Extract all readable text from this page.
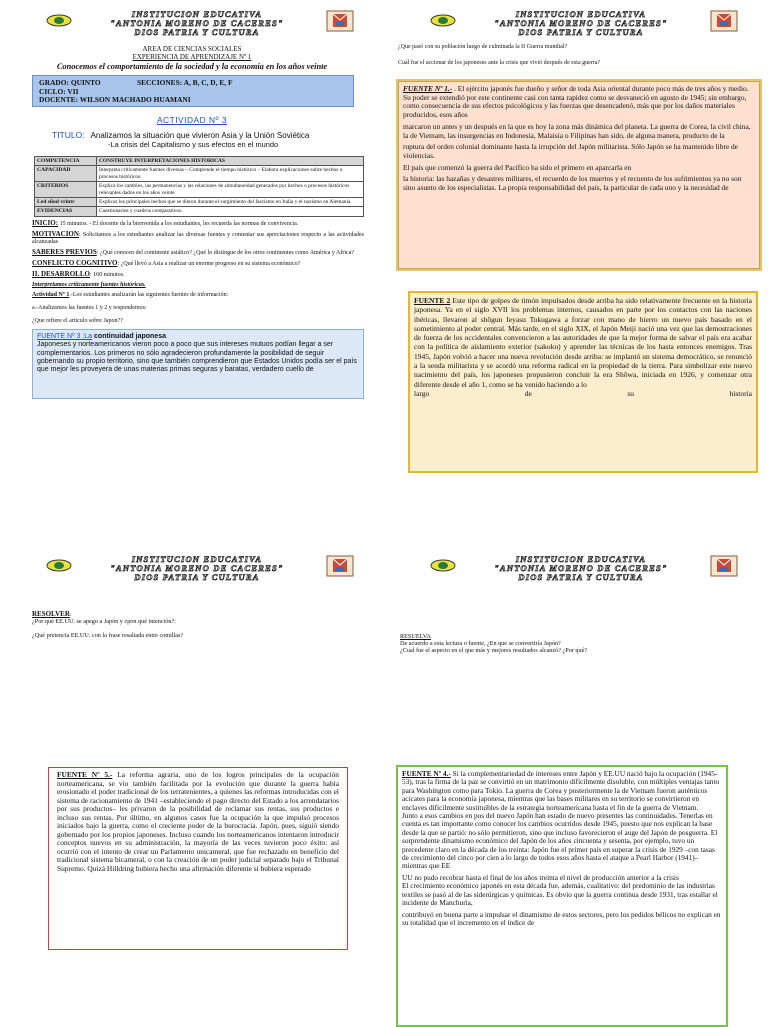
INSTITUCION EDUCATIVA
"ANTONIA MORENO DE CACERES"
DIOS PATRIA Y CULTURA
AREA DE CIENCIAS SOCIALES
EXPERIENCIA DE APRENDIZAJE Nº 1
Conocemos el comportamiento de la sociedad y la economía en los años veinte
GRADO: QUINTO	SECCIONES: A, B, C, D, E, F
CICLO: VII
DOCENTE: WILSON MACHADO HUAMANI
ACTIVIDAD Nº 3
TITULO: Analizamos la situación que vivieron Asia y la Unión Soviética
-La crisis del Capitalismo y sus efectos en el mundo
COMPETENCIA	CONSTRUYE INTERPRETACIONES HISTORICAS
CAPACIDAD	Interpreta críticamente fuentes diversas – Comprende el tiempo histórico – Elabora explicaciones sobre hechos o procesos históricos.
CRITERIOS	Explica los cambios, las permanencias y las relaciones de simultaneidad generados por hechos o procesos históricos relevantes dados en los años veinte
Led sñod vrintr	Explicar los principales hechos que se dieron durante el surgimiento del fascismo en Italia y el nazismo en Alemania
EVIDENCIAS	Cuestionarios y cuadros comparativos.
INICIO: 15 minutos. - El docente da la bienvenida a los estudiantes, les recuerda las normas de convivencia.
MOTIVACION: Solicitamos a los estudiantes analizar las diversas fuentes y comentar sus apreciaciones respecto a las actividades alcanzadas
SABERES PREVIOS: ¿Qué conocen del continente asiático? ¿Qué lo distingue de los otros continentes como América y Africa?
CONFLICTO COGNITIVO: ¿Qué llevó a Asia a realizar un enorme progreso en su sistema económico?
II. DESARROLLO: 160 minutos.
Interpretamos críticamente fuentes históricas.
Actividad Nº 1.-Los estudiantes analizarán las siguientes fuentes de información:
a.-Analizamos las fuentes 1 y 2 y respondemos:
¿Que refiere el articulo sobre Japon??
FUENTE Nº 3 :La continuidad japonesa
Japoneses y norteamericanos vieron poco a poco que sus intereses mutuos podían llegar a ser complementarios. Los primeros no sólo agradecieron profundamente la posibilidad de seguir gobernando su propio territorio, sino que también comprendieron que Estados Unidos podía ser el país que mejor les proveyera de unas materias primas seguras y baratas, verdadero cuello de
INSTITUCION EDUCATIVA
"ANTONIA MORENO DE CACERES"
DIOS PATRIA Y CULTURA
¿Que pasó con su población luego de culminada la II Guerra mundial?
Cuál fue el accionar de los japoneses ante la crisis que vivió después de esta guerra?

FUENTE Nº 1.- . El ejército japonés fue dueño y señor de toda Asia oriental durante poco más de tres años y medio. Su poder se extendió por este continente casi con tanta rapidez como se desvaneció en agosto de 1945; sin embargo, como consecuencia de sus efectos psicológicos y las fuerzas que desencadenó, más que por los daños materiales producidos, esos años

marcaron un antes y un después en la que es hoy la zona más dinámica del planeta. La guerra de Corea, la civil china, la de Vietnam, las insurgencias en Indonesia, Malaisia o Filipinas han sido, de alguna manera, producto de la

ruptura del orden colonial dominante hasta la irrupción del Japón militarista. Sólo Japón se ha mantenido libre de violencias.

El país que comenzó la guerra del Pacífico ha sido el primero en aparcarla en

la historia: las hazañas y desastres militares, el recuerdo de los muertos y el recuento de los sufrimientos ya no son sino asunto de los especialistas. La propia responsabilidad del país, la particular de cada uno y la necesidad de

FUENTE 2 Este tipo de golpes de timón impulsados desde arriba ha sido relativamente frecuente en la historia japonesa. Ya en el siglo XVII los problemas internos, causados en parte por los contactos con las naciones ibéricas, llevaron al shōgun Ieyasu Tokugawa a forzar con mano de hierro un nuevo país basado en el sometimiento al poder central. Más tarde, en el siglo XIX, el Japón Meiji nació una vez que las demostraciones de fuerza de los occidentales convencieron a las autoridades de que la mejor forma de salvar el país era acabar con la política de aislamiento exterior (sakoku) y aprender las técnicas de los hasta entonces enemigos. Tras 1945, Japón volvió a hacer una nueva revolución desde arriba: se implantó un sistema democrático, se renunció a la senda militarista y se acordó una reforma radical en la propiedad de la tierra. Para simbolizar este nuevo nacimiento del país, los japoneses propusieron concluir la era Shōwa, iniciada en 1926, y comenzar otra diferente desde el año 1, como se ha venido haciendo a lo
largo	de	su	historia
INSTITUCION EDUCATIVA
"ANTONIA MORENO DE CACERES"
DIOS PATRIA Y CULTURA
RESOLVER:
¿Por qué EE.UU. se apego a Japón y cpon qué intención?:
¿Qué pretencia EE.UU. con la frase resaltada entre comillas?
FUENTE Nº 5.- La reforma agraria, uno de los logros principales de la ocupación norteamericana, se vio también facilitada por la evolución que durante la guerra había erosionado el poder tradicional de los terratenientes, a quienes las reformas introducidas con el sistema de racionamiento de 1941 –estableciendo el pago directo del Estado a los arrendatarios por sus productos– les privaron de la posibilidad de reclamar sus rentas, sus productos e incluso sus rentas. Por último, en algunos casos fue la ocupación la que impulsó procesos iniciados bajo la guerra, como el creciente poder de la burocracia. Japón, pues, siguió siendo gobernado por los propios japoneses. Incluso cuando los norteamericanos intentaron introducir conceptos nuevos en su administración, la mayoría de las veces tuvieron poco éxito: así ocurrió con el intento de crear un Parlamento unicameral, que fue rechazado en beneficio del tradicional sistema bicameral, o con la creación de un poder judicial separado bajo el Tribunal Supremo. Quizá Hilldring hubiera hecho una afirmación diferente si hubiera esperado
INSTITUCION EDUCATIVA
"ANTONIA MORENO DE CACERES"
DIOS PATRIA Y CULTURA
RESUELVA
De acuerdo a esta lectura o fuente, ¿En que se convertiría Japón?
¿Cual fue el aspecto en el que más y mejores resultados alcanzó? ¿Por qué?

FUENTE Nº 4.- Si la complementariedad de intereses entre Japón y EE.UU nació bajo la ocupación (1945-53), tras la firma de la paz se convirtió en un matrimonio difícilmente disoluble, con múltiples ventajas tanto para Washington como para Tokio. La guerra de Corea y posteriormente la de Vietnam fueron auténticos acicates para la economía japonesa, mientras que las bases militares en su territorio se convirtieron en enclaves difícilmente sustituibles de la estrategia norteamericana hasta el fin de la guerra de Vietnam.
Junto a esos cambios en pos del nuevo Japón han estado de nuevo presentes las continuidades. Tenerlas en cuenta es tan importante como conocer los cambios ocurridos desde 1945, puesto que nos explican la base desde la que se partió: no sólo permitieron, sino que incluso favorecieron el auge del Japón de posguerra. El sorprendente dinamismo económico del Japón de los años cincuenta y sesenta, por ejemplo, tuvo un precedente claro en la década de los treinta: Japón fue el primer país en superar la crisis de 1929 –con tasas de crecimiento del cinco por cien a lo largo de todos esos años hasta el ataque a Pearl Harbor (1941)– mientras que EE

UU no pudo recobrar hasta el final de los años treinta el nivel de producción anterior a la crisis

El crecimiento económico japonés en esta década fue, además, cualitativo: del predominio de las industrias textiles se pasó al de las siderúrgicas y químicas. Es obvio que la guerra continua desde 1931, tras estallar el incidente de Manchuria,

contribuyó en buena parte a impulsar el dinamismo de estos sectores, pero los pedidos bélicos no explican en su totalidad que el incremento en el índice de
